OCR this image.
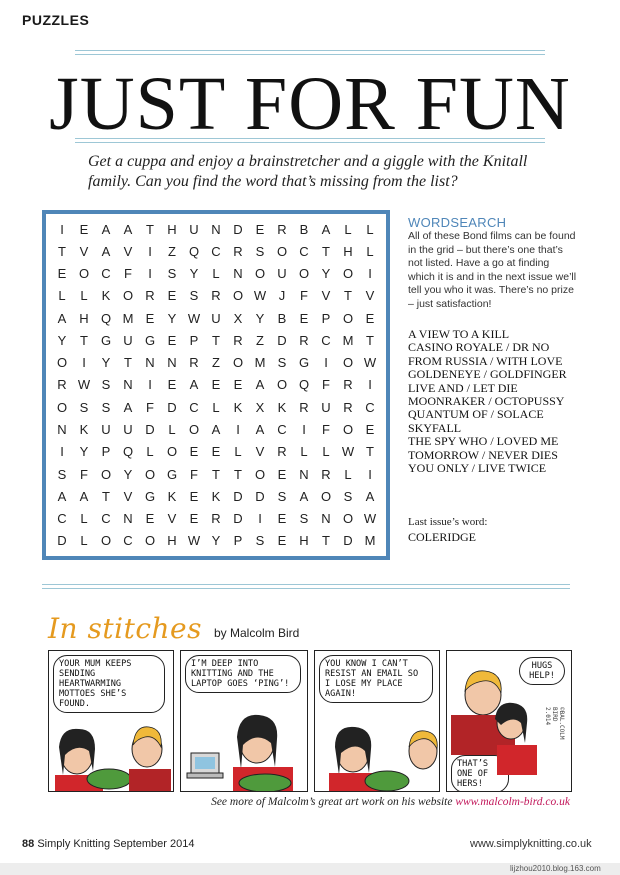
PUZZLES
JUST FOR FUN
Get a cuppa and enjoy a brainstretcher and a giggle with the Knitall family. Can you find the word that’s missing from the list?
I	E	A	A	T	H U N D E R B	A	L	L
T	V	A	V	I	Z Q C R S O C	T	H	L
E O C	F	I	S	Y	L	N O U O Y O	I
L	L	K O R E	S R O W J	F	V	T	V
A H Q M E	Y W U X	Y	B	E	P O E
Y	T G U G E	P	T	R	Z	D R C M T
O	I	Y	T	N N R	Z O M S G	I	O W
R W S N	I	E	A	E	E	A O Q F	R	I
O S	S	A	F	D C	L	K	X	K R U R C
N K U U D	L	O A	I	A C	I	F O E
I	Y	P Q	L	O E	E	L	V R	L	L W T
S	F O Y O G F	T	T O E N R	L	I
A	A	T	V G K	E	K D D S	A O S	A
C	L	C N E	V	E R D	I	E	S N O W
D	L	O C O H W Y	P	S	E H	T	D M
WORDSEARCH
All of these Bond films can be found in the grid – but there’s one that’s not listed. Have a go at finding which it is and in the next issue we’ll tell you who it was. There’s no prize – just satisfaction!
A VIEW TO A KILL
CASINO ROYALE / DR NO
FROM RUSSIA / WITH LOVE
GOLDENEYE / GOLDFINGER
LIVE AND / LET DIE
MOONRAKER / OCTOPUSSY
QUANTUM OF / SOLACE
SKYFALL
THE SPY WHO / LOVED ME
TOMORROW / NEVER DIES
YOU ONLY / LIVE TWICE
Last issue’s word:
COLERIDGE
In stitches by Malcolm Bird
YOUR MUM KEEPS SENDING HEARTWARMING MOTTOES SHE’S FOUND.
I’M DEEP INTO KNITTING AND THE LAPTOP GOES ‘PING’!
YOU KNOW I CAN’T RESIST AN EMAIL SO I LOSE MY PLACE AGAIN!
HUGS HELP!
THAT’S ONE OF HERS!
©BAL.COLM BIRD 2.014
See more of Malcolm’s great art work on his website www.malcolm-bird.co.uk
88 Simply Knitting September 2014	www.simplyknitting.co.uk
lijzhou2010.blog.163.com
